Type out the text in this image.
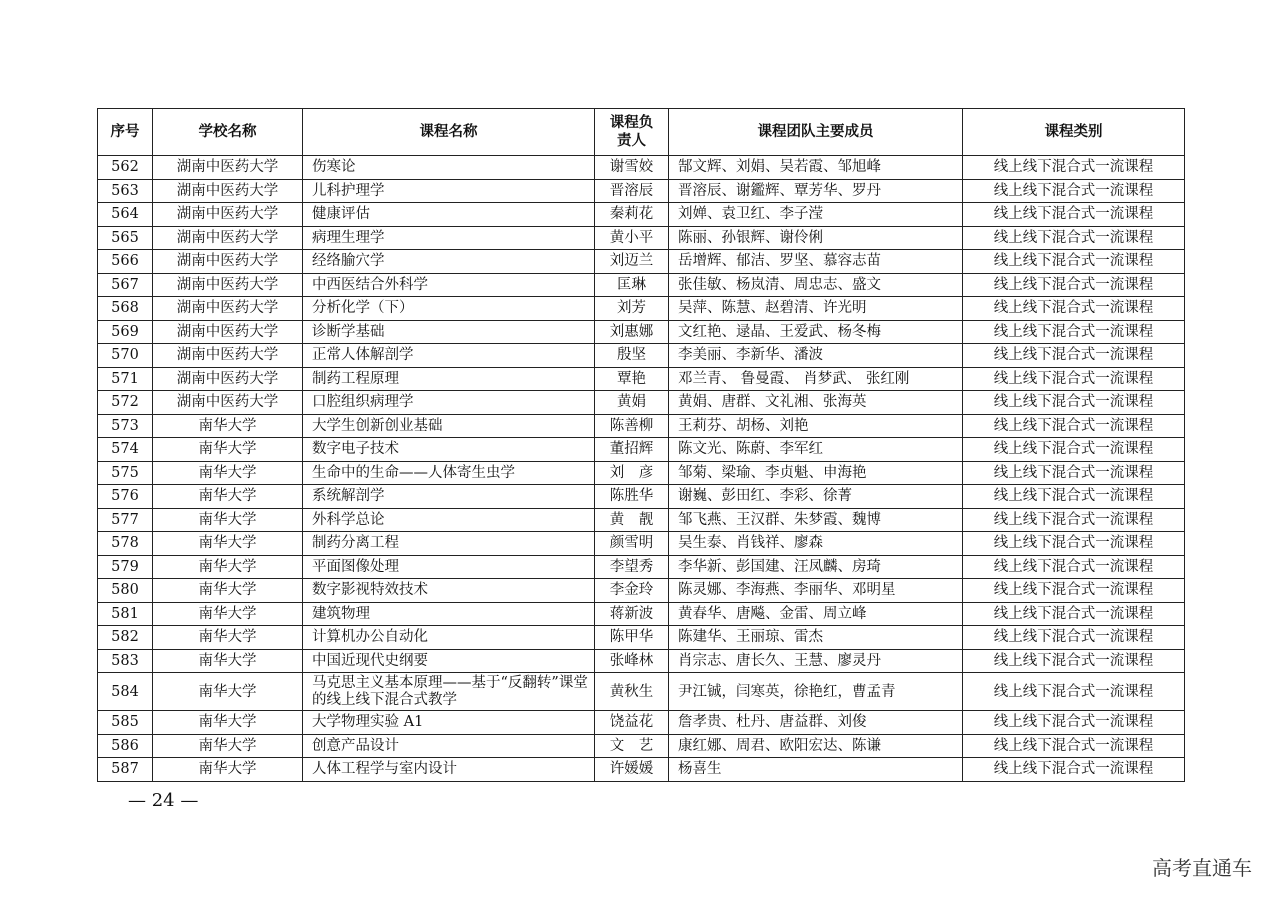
序号	学校名称	课程名称	课程负责人	课程团队主要成员	课程类别
562	湖南中医药大学	伤寒论	谢雪姣	郜文辉、刘娟、吴若霞、邹旭峰	线上线下混合式一流课程
563	湖南中医药大学	儿科护理学	晋溶辰	晋溶辰、谢鑑辉、覃芳华、罗丹	线上线下混合式一流课程
564	湖南中医药大学	健康评估	秦莉花	刘婵、袁卫红、李子滢	线上线下混合式一流课程
565	湖南中医药大学	病理生理学	黄小平	陈丽、孙银辉、谢伶俐	线上线下混合式一流课程
566	湖南中医药大学	经络腧穴学	刘迈兰	岳增辉、郁洁、罗坚、慕容志苗	线上线下混合式一流课程
567	湖南中医药大学	中西医结合外科学	匡琳	张佳敏、杨岚清、周忠志、盛文	线上线下混合式一流课程
568	湖南中医药大学	分析化学（下）	刘芳	吴萍、陈慧、赵碧清、许光明	线上线下混合式一流课程
569	湖南中医药大学	诊断学基础	刘惠娜	文红艳、逯晶、王爱武、杨冬梅	线上线下混合式一流课程
570	湖南中医药大学	正常人体解剖学	殷坚	李美丽、李新华、潘波	线上线下混合式一流课程
571	湖南中医药大学	制药工程原理	覃艳	邓兰青、 鲁曼霞、 肖梦武、 张红刚	线上线下混合式一流课程
572	湖南中医药大学	口腔组织病理学	黄娟	黄娟、唐群、文礼湘、张海英	线上线下混合式一流课程
573	南华大学	大学生创新创业基础	陈善柳	王莉芬、胡杨、刘艳	线上线下混合式一流课程
574	南华大学	数字电子技术	董招辉	陈文光、陈蔚、李军红	线上线下混合式一流课程
575	南华大学	生命中的生命——人体寄生虫学	刘　彦	邹菊、梁瑜、李贞魁、申海艳	线上线下混合式一流课程
576	南华大学	系统解剖学	陈胜华	谢巍、彭田红、李彩、徐菁	线上线下混合式一流课程
577	南华大学	外科学总论	黄　靓	邹飞燕、王汉群、朱梦霞、魏博	线上线下混合式一流课程
578	南华大学	制药分离工程	颜雪明	吴生泰、肖钱祥、廖森	线上线下混合式一流课程
579	南华大学	平面图像处理	李望秀	李华新、彭国建、汪凤麟、房琦	线上线下混合式一流课程
580	南华大学	数字影视特效技术	李金玲	陈灵娜、李海燕、李丽华、邓明星	线上线下混合式一流课程
581	南华大学	建筑物理	蒋新波	黄春华、唐飚、金雷、周立峰	线上线下混合式一流课程
582	南华大学	计算机办公自动化	陈甲华	陈建华、王丽琼、雷杰	线上线下混合式一流课程
583	南华大学	中国近现代史纲要	张峰林	肖宗志、唐长久、王慧、廖灵丹	线上线下混合式一流课程
584	南华大学	马克思主义基本原理——基于“反翻转”课堂的线上线下混合式教学	黄秋生	尹江铖，闫寒英，徐艳红，曹孟青	线上线下混合式一流课程
585	南华大学	大学物理实验 A1	饶益花	詹孝贵、杜丹、唐益群、刘俊	线上线下混合式一流课程
586	南华大学	创意产品设计	文　艺	康红娜、周君、欧阳宏达、陈谦	线上线下混合式一流课程
587	南华大学	人体工程学与室内设计	许媛媛	杨喜生	线上线下混合式一流课程
— 24 —
高考直通车
